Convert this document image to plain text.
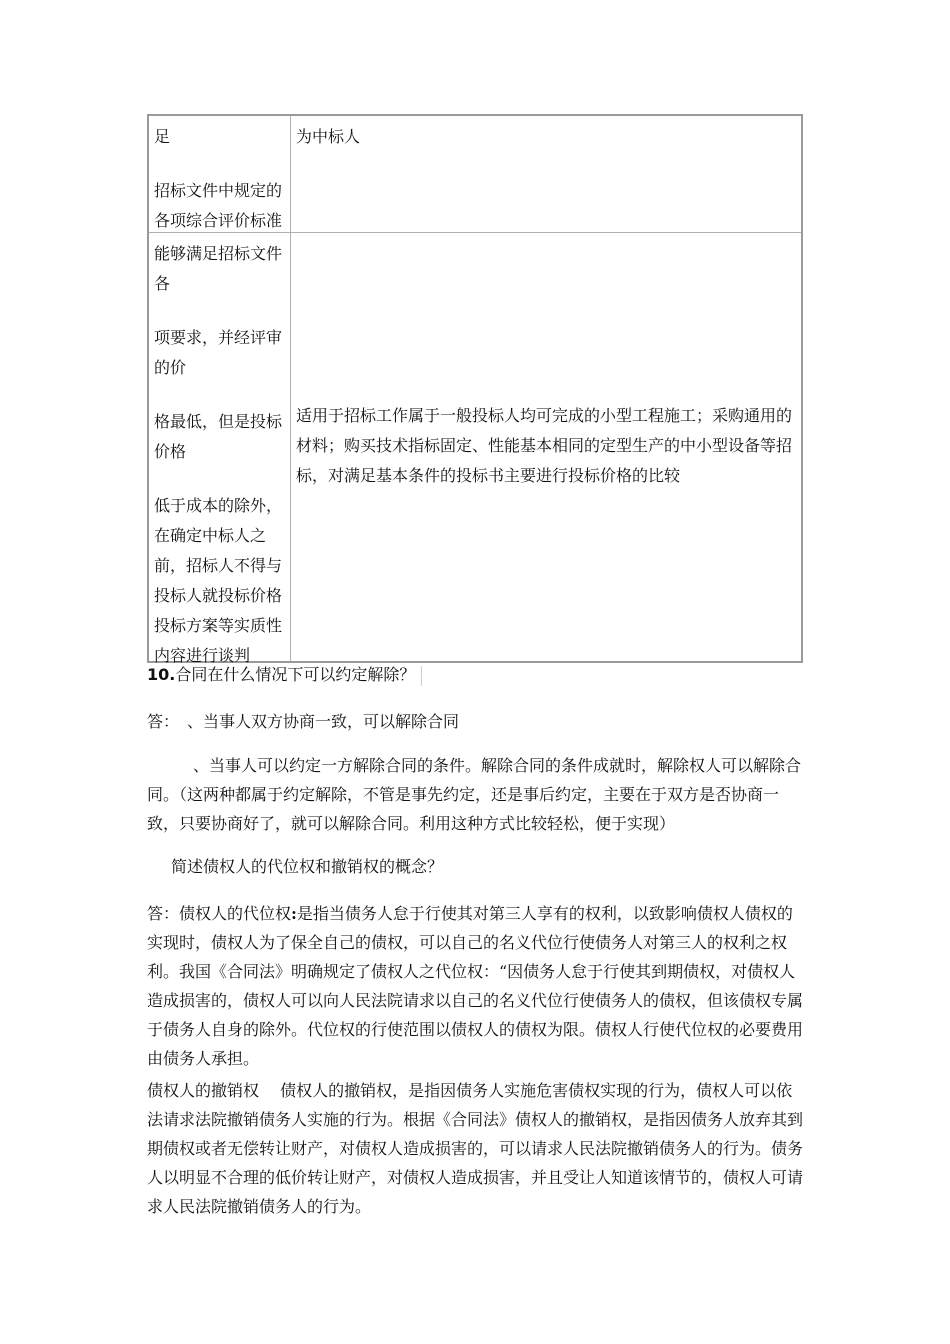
足
招标文件中规定的各项综合评价标准
为中标人
能够满足招标文件各
项要求，并经评审的价
格最低，但是投标价格
低于成本的除外，在确定中标人之前，招标人不得与投标人就投标价格投标方案等实质性内容进行谈判
适用于招标工作属于一般投标人均可完成的小型工程施工；采购通用的材料；购买技术指标固定、性能基本相同的定型生产的中小型设备等招标，对满足基本条件的投标书主要进行投标价格的比较

10.合同在什么情况下可以约定解除？

答：　、当事人双方协商一致，可以解除合同

、当事人可以约定一方解除合同的条件。解除合同的条件成就时，解除权人可以解除合同。（这两种都属于约定解除，不管是事先约定，还是事后约定，主要在于双方是否协商一致，只要协商好了，就可以解除合同。利用这种方式比较轻松，便于实现）

简述债权人的代位权和撤销权的概念？

答：债权人的代位权:是指当债务人怠于行使其对第三人享有的权利，以致影响债权人债权的实现时，债权人为了保全自己的债权，可以自己的名义代位行使债务人对第三人的权利之权利。我国《合同法》明确规定了债权人之代位权：“因债务人怠于行使其到期债权，对债权人造成损害的，债权人可以向人民法院请求以自己的名义代位行使债务人的债权，但该债权专属于债务人自身的除外。代位权的行使范围以债权人的债权为限。债权人行使代位权的必要费用由债务人承担。

债权人的撤销权　 债权人的撤销权，是指因债务人实施危害债权实现的行为，债权人可以依法请求法院撤销债务人实施的行为。根据《合同法》债权人的撤销权，是指因债务人放弃其到期债权或者无偿转让财产，对债权人造成损害的，可以请求人民法院撤销债务人的行为。债务人以明显不合理的低价转让财产，对债权人造成损害，并且受让人知道该情节的，债权人可请求人民法院撤销债务人的行为。
